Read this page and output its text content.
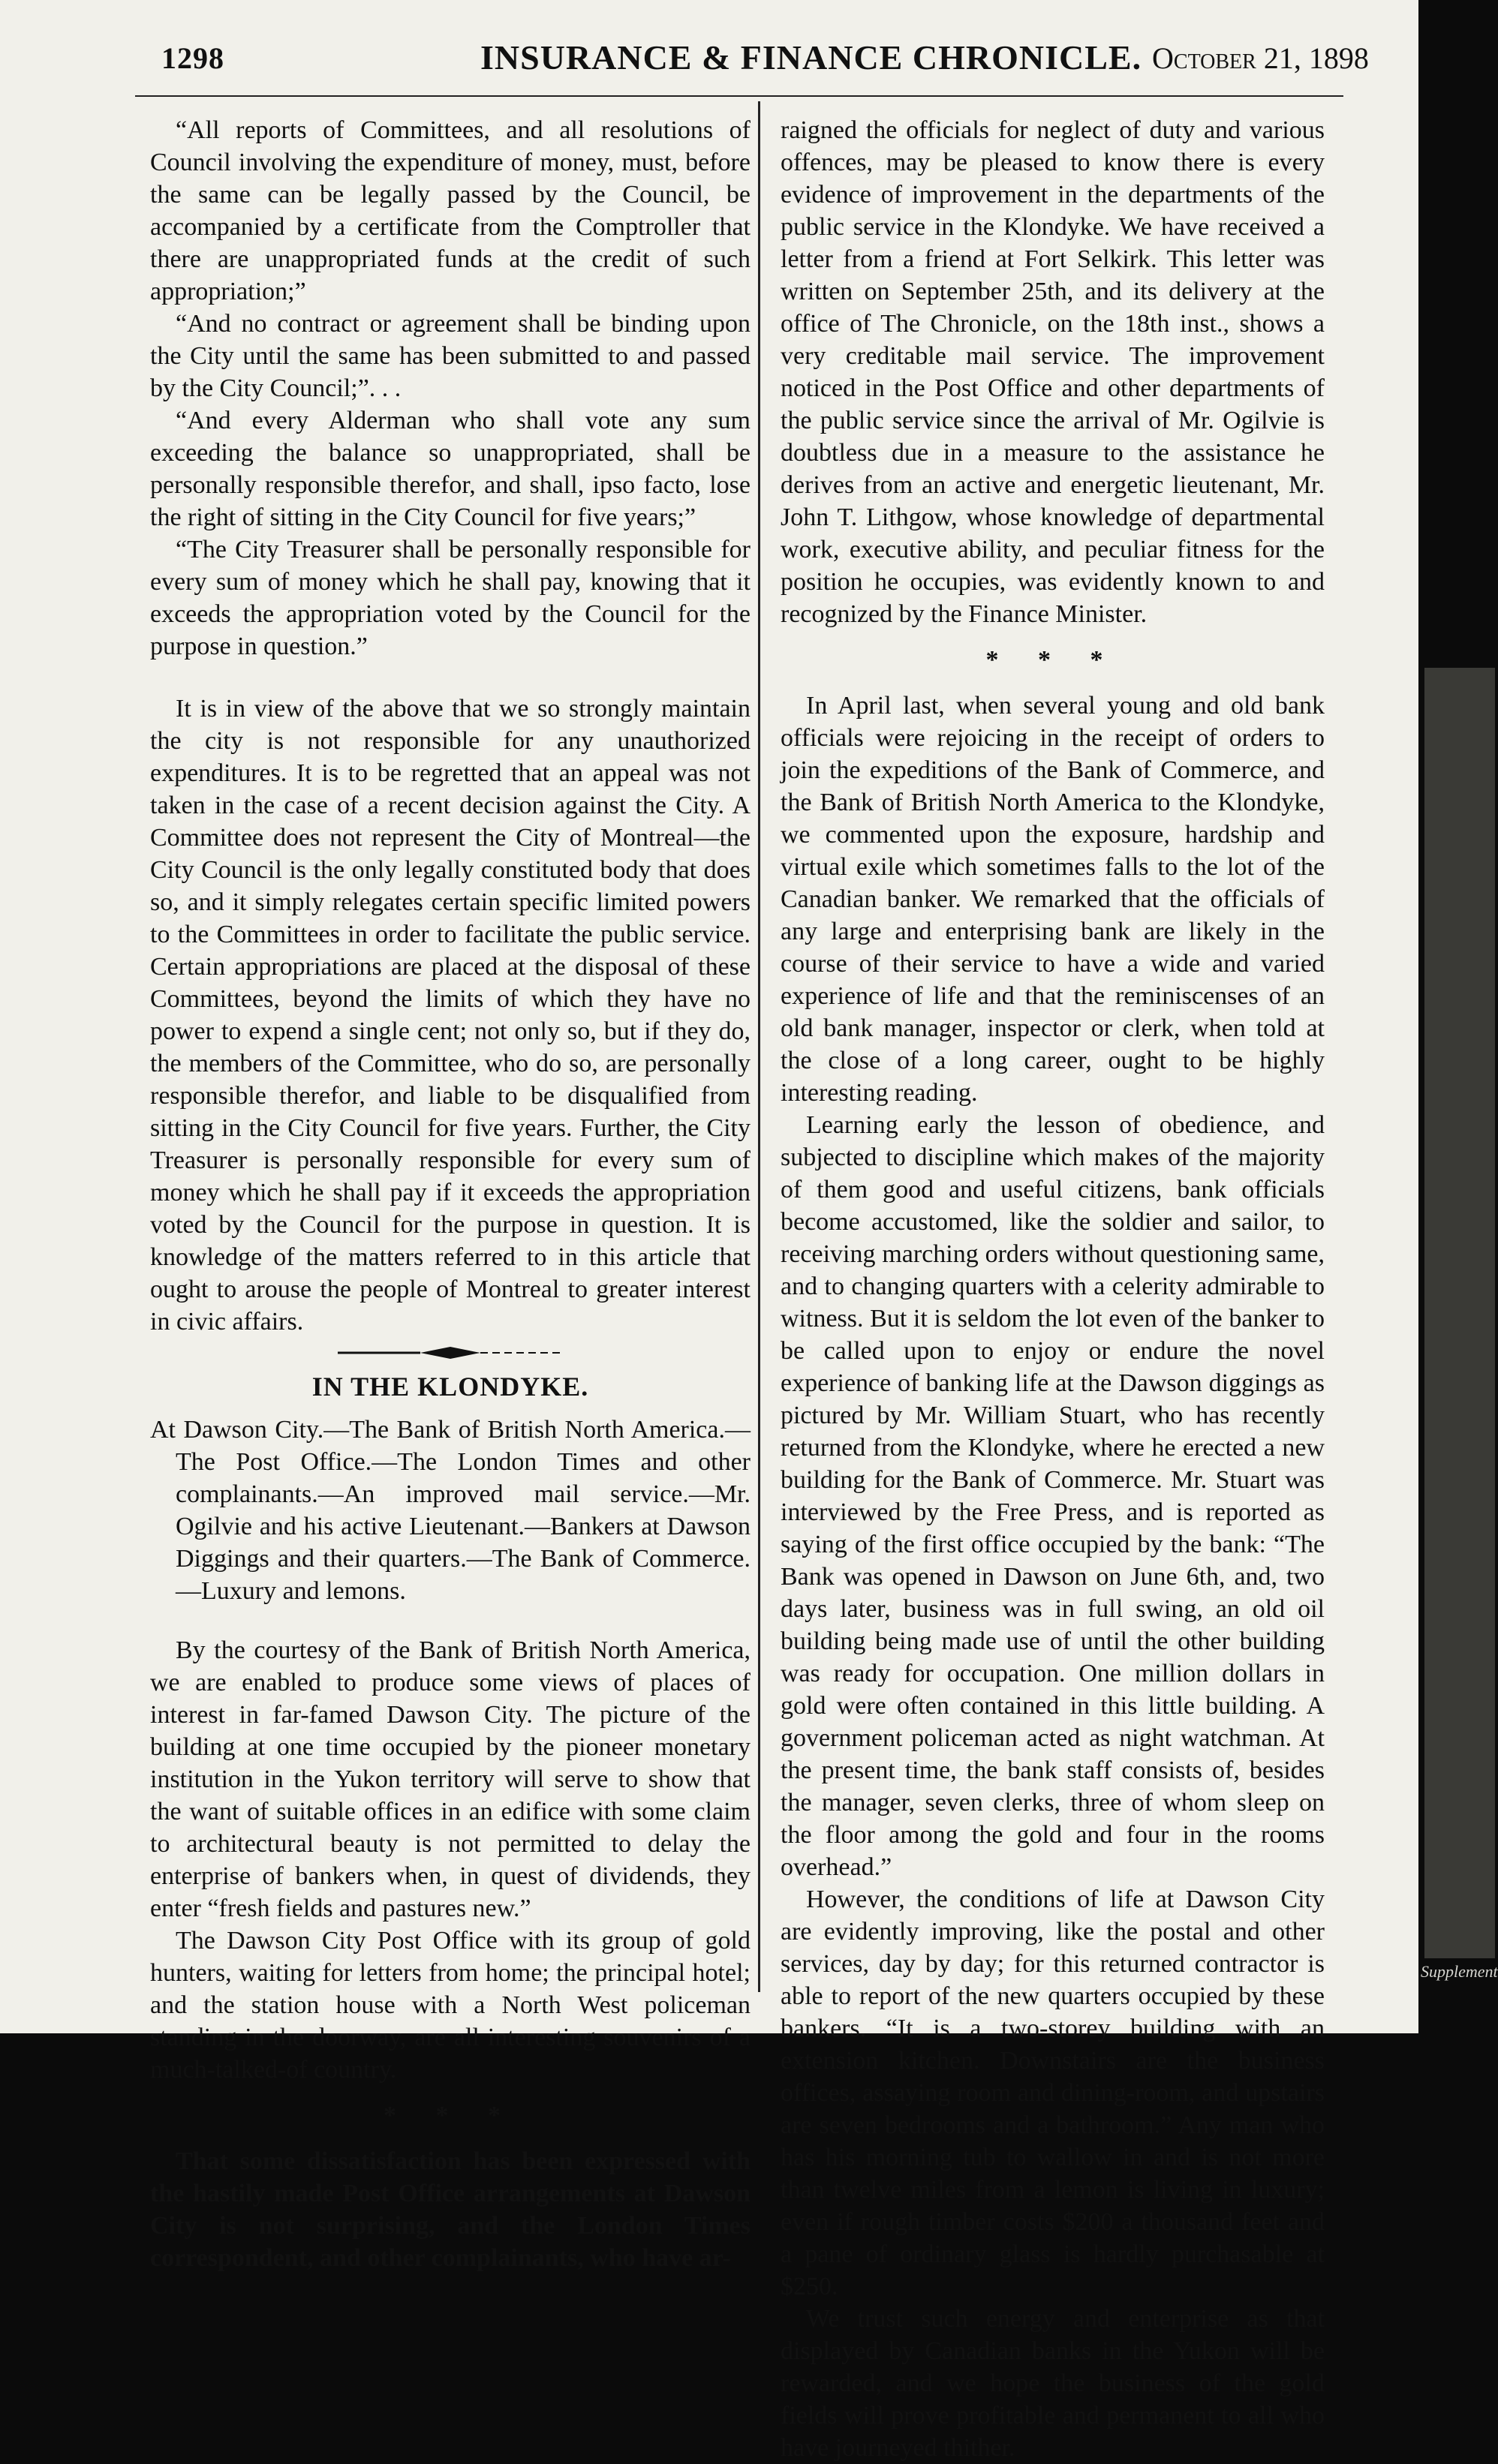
1298	INSURANCE & FINANCE CHRONICLE. October 21, 1898

“All reports of Committees, and all resolutions of Council involving the expenditure of money, must, before the same can be legally passed by the Council, be accompanied by a certificate from the Comptroller that there are unappropriated funds at the credit of such appropriation;”

“And no contract or agreement shall be binding upon the City until the same has been submitted to and passed by the City Council;”. . .

“And every Alderman who shall vote any sum exceeding the balance so unappropriated, shall be personally responsible therefor, and shall, ipso facto, lose the right of sitting in the City Council for five years;”

“The City Treasurer shall be personally responsible for every sum of money which he shall pay, knowing that it exceeds the appropriation voted by the Council for the purpose in question.”

It is in view of the above that we so strongly maintain the city is not responsible for any unauthorized expenditures. It is to be regretted that an appeal was not taken in the case of a recent decision against the City. A Committee does not represent the City of Montreal—the City Council is the only legally constituted body that does so, and it simply relegates certain specific limited powers to the Committees in order to facilitate the public service. Certain appropriations are placed at the disposal of these Committees, beyond the limits of which they have no power to expend a single cent; not only so, but if they do, the members of the Committee, who do so, are personally responsible therefor, and liable to be disqualified from sitting in the City Council for five years. Further, the City Treasurer is personally responsible for every sum of money which he shall pay if it exceeds the appropriation voted by the Council for the purpose in question. It is knowledge of the matters referred to in this article that ought to arouse the people of Montreal to greater interest in civic affairs.

IN THE KLONDYKE.

At Dawson City.—The Bank of British North America.—The Post Office.—The London Times and other complainants.—An improved mail service.—Mr. Ogilvie and his active Lieutenant.—Bankers at Dawson Diggings and their quarters.—The Bank of Commerce.—Luxury and lemons.

By the courtesy of the Bank of British North America, we are enabled to produce some views of places of interest in far-famed Dawson City. The picture of the building at one time occupied by the pioneer monetary institution in the Yukon territory will serve to show that the want of suitable offices in an edifice with some claim to architectural beauty is not permitted to delay the enterprise of bankers when, in quest of dividends, they enter “fresh fields and pastures new.”

The Dawson City Post Office with its group of gold hunters, waiting for letters from home; the principal hotel; and the station house with a North West policeman standing in the doorway, are all interesting souvenirs of a much-talked-of country.

* * *

That some dissatisfaction has been expressed with the hastily made Post Office arrangements at Dawson City is not surprising, and the London Times correspondent, and other complainants, who have ar-

raigned the officials for neglect of duty and various offences, may be pleased to know there is every evidence of improvement in the departments of the public service in the Klondyke. We have received a letter from a friend at Fort Selkirk. This letter was written on September 25th, and its delivery at the office of The Chronicle, on the 18th inst., shows a very creditable mail service. The improvement noticed in the Post Office and other departments of the public service since the arrival of Mr. Ogilvie is doubtless due in a measure to the assistance he derives from an active and energetic lieutenant, Mr. John T. Lithgow, whose knowledge of departmental work, executive ability, and peculiar fitness for the position he occupies, was evidently known to and recognized by the Finance Minister.

* * *

In April last, when several young and old bank officials were rejoicing in the receipt of orders to join the expeditions of the Bank of Commerce, and the Bank of British North America to the Klondyke, we commented upon the exposure, hardship and virtual exile which sometimes falls to the lot of the Canadian banker. We remarked that the officials of any large and enterprising bank are likely in the course of their service to have a wide and varied experience of life and that the reminiscenses of an old bank manager, inspector or clerk, when told at the close of a long career, ought to be highly interesting reading.

Learning early the lesson of obedience, and subjected to discipline which makes of the majority of them good and useful citizens, bank officials become accustomed, like the soldier and sailor, to receiving marching orders without questioning same, and to changing quarters with a celerity admirable to witness. But it is seldom the lot even of the banker to be called upon to enjoy or endure the novel experience of banking life at the Dawson diggings as pictured by Mr. William Stuart, who has recently returned from the Klondyke, where he erected a new building for the Bank of Commerce. Mr. Stuart was interviewed by the Free Press, and is reported as saying of the first office occupied by the bank: “The Bank was opened in Dawson on June 6th, and, two days later, business was in full swing, an old oil building being made use of until the other building was ready for occupation. One million dollars in gold were often contained in this little building. A government policeman acted as night watchman. At the present time, the bank staff consists of, besides the manager, seven clerks, three of whom sleep on the floor among the gold and four in the rooms overhead.”

However, the conditions of life at Dawson City are evidently improving, like the postal and other services, day by day; for this returned contractor is able to report of the new quarters occupied by these bankers. “It is a two-storey building with an extension kitchen. Downstairs are the business offices, assaying room and dining-room, and upstairs are seven bedrooms and a bathroom.” Any man who has his morning tub to wallow in and is not more than twelve miles from a lemon is living in luxury; even if rough timber costs $200 a thousand feet and a pane of ordinary glass is hardly purchasable at $250.

We trust such energy and enterprise as that displayed by Canadian banks in the Yukon will be rewarded, and we hope the business of the gold fields will prove profitable and permanent to all who have journeyed thither.

Supplement
